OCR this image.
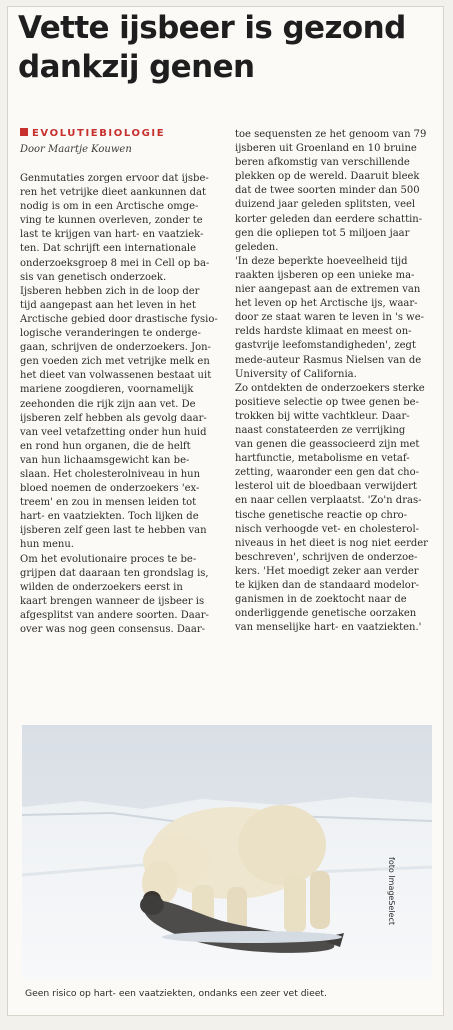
Vette ijsbeer is gezond
dankzij genen
EVOLUTIEBIOLOGIE
Door Maartje Kouwen
Genmutaties zorgen ervoor dat ijsbe-
ren het vetrijke dieet aankunnen dat
nodig is om in een Arctische omge-
ving te kunnen overleven, zonder te
last te krijgen van hart- en vaatziek-
ten. Dat schrijft een internationale
onderzoeksgroep 8 mei in Cell op ba-
sis van genetisch onderzoek.
Ijsberen hebben zich in de loop der
tijd aangepast aan het leven in het
Arctische gebied door drastische fysio-
logische veranderingen te onderge-
gaan, schrijven de onderzoekers. Jon-
gen voeden zich met vetrijke melk en
het dieet van volwassenen bestaat uit
mariene zoogdieren, voornamelijk
zeehonden die rijk zijn aan vet. De
ijsberen zelf hebben als gevolg daar-
van veel vetafzetting onder hun huid
en rond hun organen, die de helft
van hun lichaamsgewicht kan be-
slaan. Het cholesterolniveau in hun
bloed noemen de onderzoekers 'ex-
treem' en zou in mensen leiden tot
hart- en vaatziekten. Toch lijken de
ijsberen zelf geen last te hebben van
hun menu.
Om het evolutionaire proces te be-
grijpen dat daaraan ten grondslag is,
wilden de onderzoekers eerst in
kaart brengen wanneer de ijsbeer is
afgesplitst van andere soorten. Daar-
over was nog geen consensus. Daar-
toe sequensten ze het genoom van 79
ijsberen uit Groenland en 10 bruine
beren afkomstig van verschillende
plekken op de wereld. Daaruit bleek
dat de twee soorten minder dan 500
duizend jaar geleden splitsten, veel
korter geleden dan eerdere schattin-
gen die opliepen tot 5 miljoen jaar
geleden.
'In deze beperkte hoeveelheid tijd
raakten ijsberen op een unieke ma-
nier aangepast aan de extremen van
het leven op het Arctische ijs, waar-
door ze staat waren te leven in 's we-
relds hardste klimaat en meest on-
gastvrije leefomstandigheden', zegt
mede-auteur Rasmus Nielsen van de
University of California.
Zo ontdekten de onderzoekers sterke
positieve selectie op twee genen be-
trokken bij witte vachtkleur. Daar-
naast constateerden ze verrijking
van genen die geassocieerd zijn met
hartfunctie, metabolisme en vetaf-
zetting, waaronder een gen dat cho-
lesterol uit de bloedbaan verwijdert
en naar cellen verplaatst. 'Zo'n dras-
tische genetische reactie op chro-
nisch verhoogde vet- en cholesterol-
niveaus in het dieet is nog niet eerder
beschreven', schrijven de onderzoe-
kers. 'Het moedigt zeker aan verder
te kijken dan de standaard modelor-
ganismen in de zoektocht naar de
onderliggende genetische oorzaken
van menselijke hart- en vaatziekten.'
foto ImageSelect
Geen risico op hart- een vaatziekten, ondanks een zeer vet dieet.
